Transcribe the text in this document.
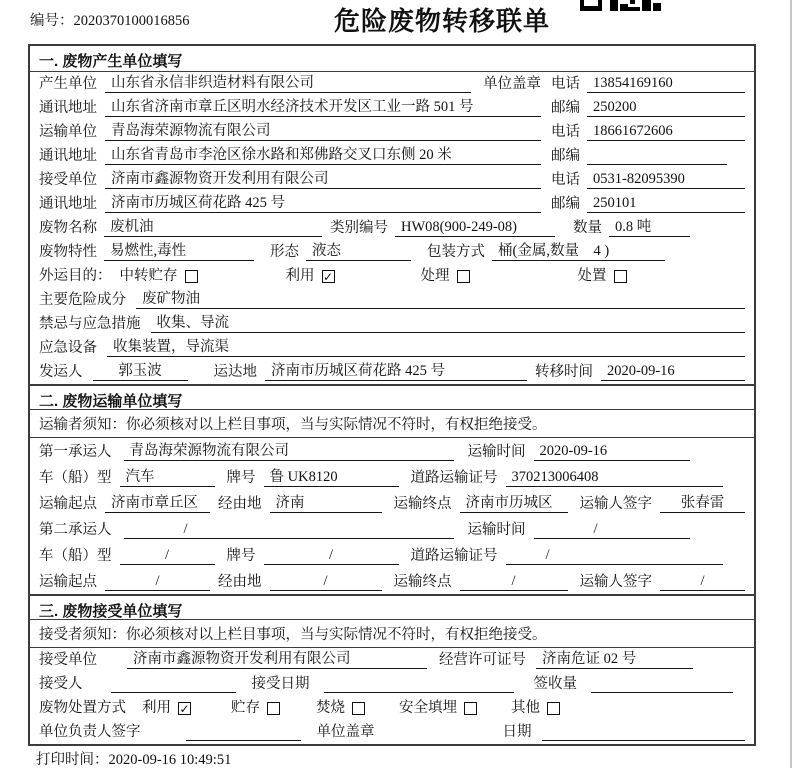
编号：2020370100016856	危险废物转移联单
一. 废物产生单位填写
产生单位 山东省永信非织造材料有限公司	单位盖章 电话 13854169160
通讯地址 山东省济南市章丘区明水经济技术开发区工业一路 501 号	邮编 250200
运输单位 青岛海荣源物流有限公司	电话 18661672606
通讯地址 山东省青岛市李沧区徐水路和郑佛路交叉口东侧 20 米	邮编
接受单位 济南市鑫源物资开发利用有限公司	电话 0531-82095390
通讯地址 济南市历城区荷花路 425 号	邮编 250101
废物名称 废机油	类别编号 HW08(900-249-08)	数量 0.8 吨
废物特性 易燃性,毒性	形态 液态	包装方式 桶(金属,数量　4 )
外运目的： 中转贮存	利用 ✓	处理	处置
主要危险成分	废矿物油
禁忌与应急措施	收集、导流
应急设备	收集装置，导流渠
发运人	郭玉波	运达地 济南市历城区荷花路 425 号	转移时间 2020-09-16
二. 废物运输单位填写
运输者须知：你必须核对以上栏目事项，当与实际情况不符时，有权拒绝接受。
第一承运人	青岛海荣源物流有限公司	运输时间 2020-09-16
车（船）型 汽车	牌号 鲁 UK8120	道路运输证号 370213006408
运输起点 济南市章丘区	经由地 济南	运输终点 济南市历城区	运输人签字	张春雷
第二承运人	/	运输时间	/
车（船）型	/	牌号	/	道路运输证号	/
运输起点	/	经由地	/	运输终点	/	运输人签字	/
三. 废物接受单位填写
接受者须知：你必须核对以上栏目事项，当与实际情况不符时，有权拒绝接受。
接受单位	济南市鑫源物资开发利用有限公司	经营许可证号	济南危证 02 号
接受人	接受日期	签收量
废物处置方式 利用 ✓	贮存	焚烧	安全填埋	其他
单位负责人签字	单位盖章	日期
打印时间：2020-09-16 10:49:51
